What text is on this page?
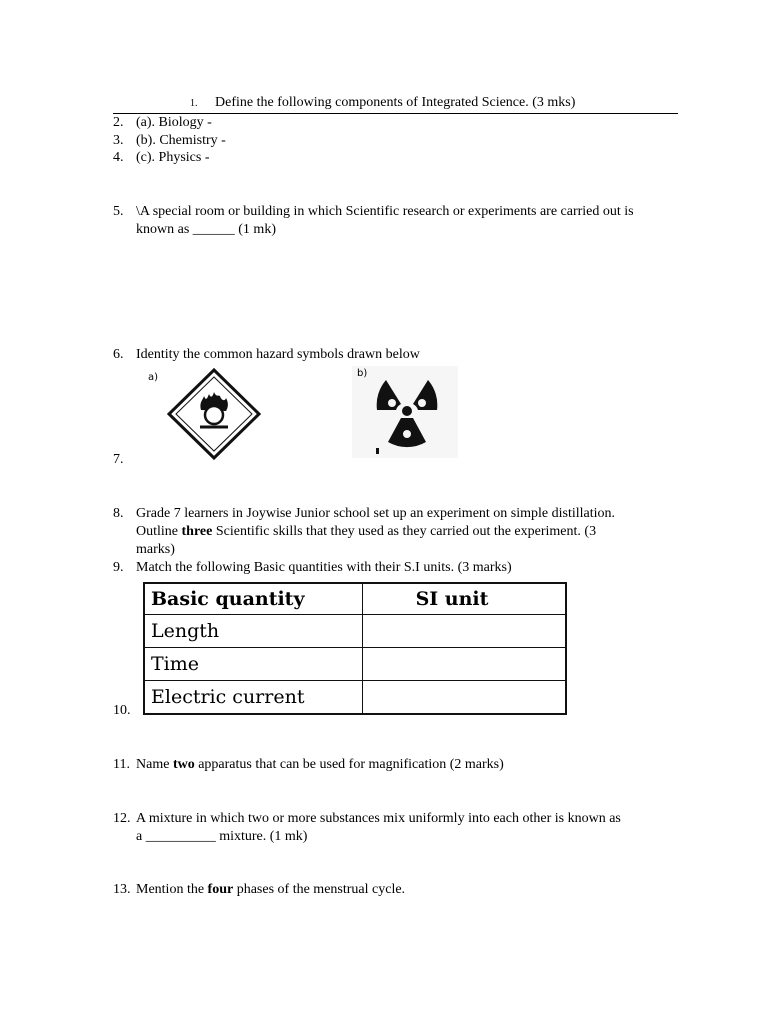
1. Define the following components of Integrated Science. (3 mks)
2. (a). Biology -
3. (b). Chemistry -
4. (c). Physics -
5. \A special room or building in which Scientific research or experiments are carried out is
known as ______ (1 mk)
6. Identity the common hazard symbols drawn below
a)	b)
7.
8. Grade 7 learners in Joywise Junior school set up an experiment on simple distillation.
Outline three Scientific skills that they used as they carried out the experiment. (3
marks)
9. Match the following Basic quantities with their S.I units. (3 marks)
Basic quantity	SI unit
Length	
Time	
Electric current	
10.
11. Name two apparatus that can be used for magnification (2 marks)
12. A mixture in which two or more substances mix uniformly into each other is known as
a __________ mixture. (1 mk)
13. Mention the four phases of the menstrual cycle.
